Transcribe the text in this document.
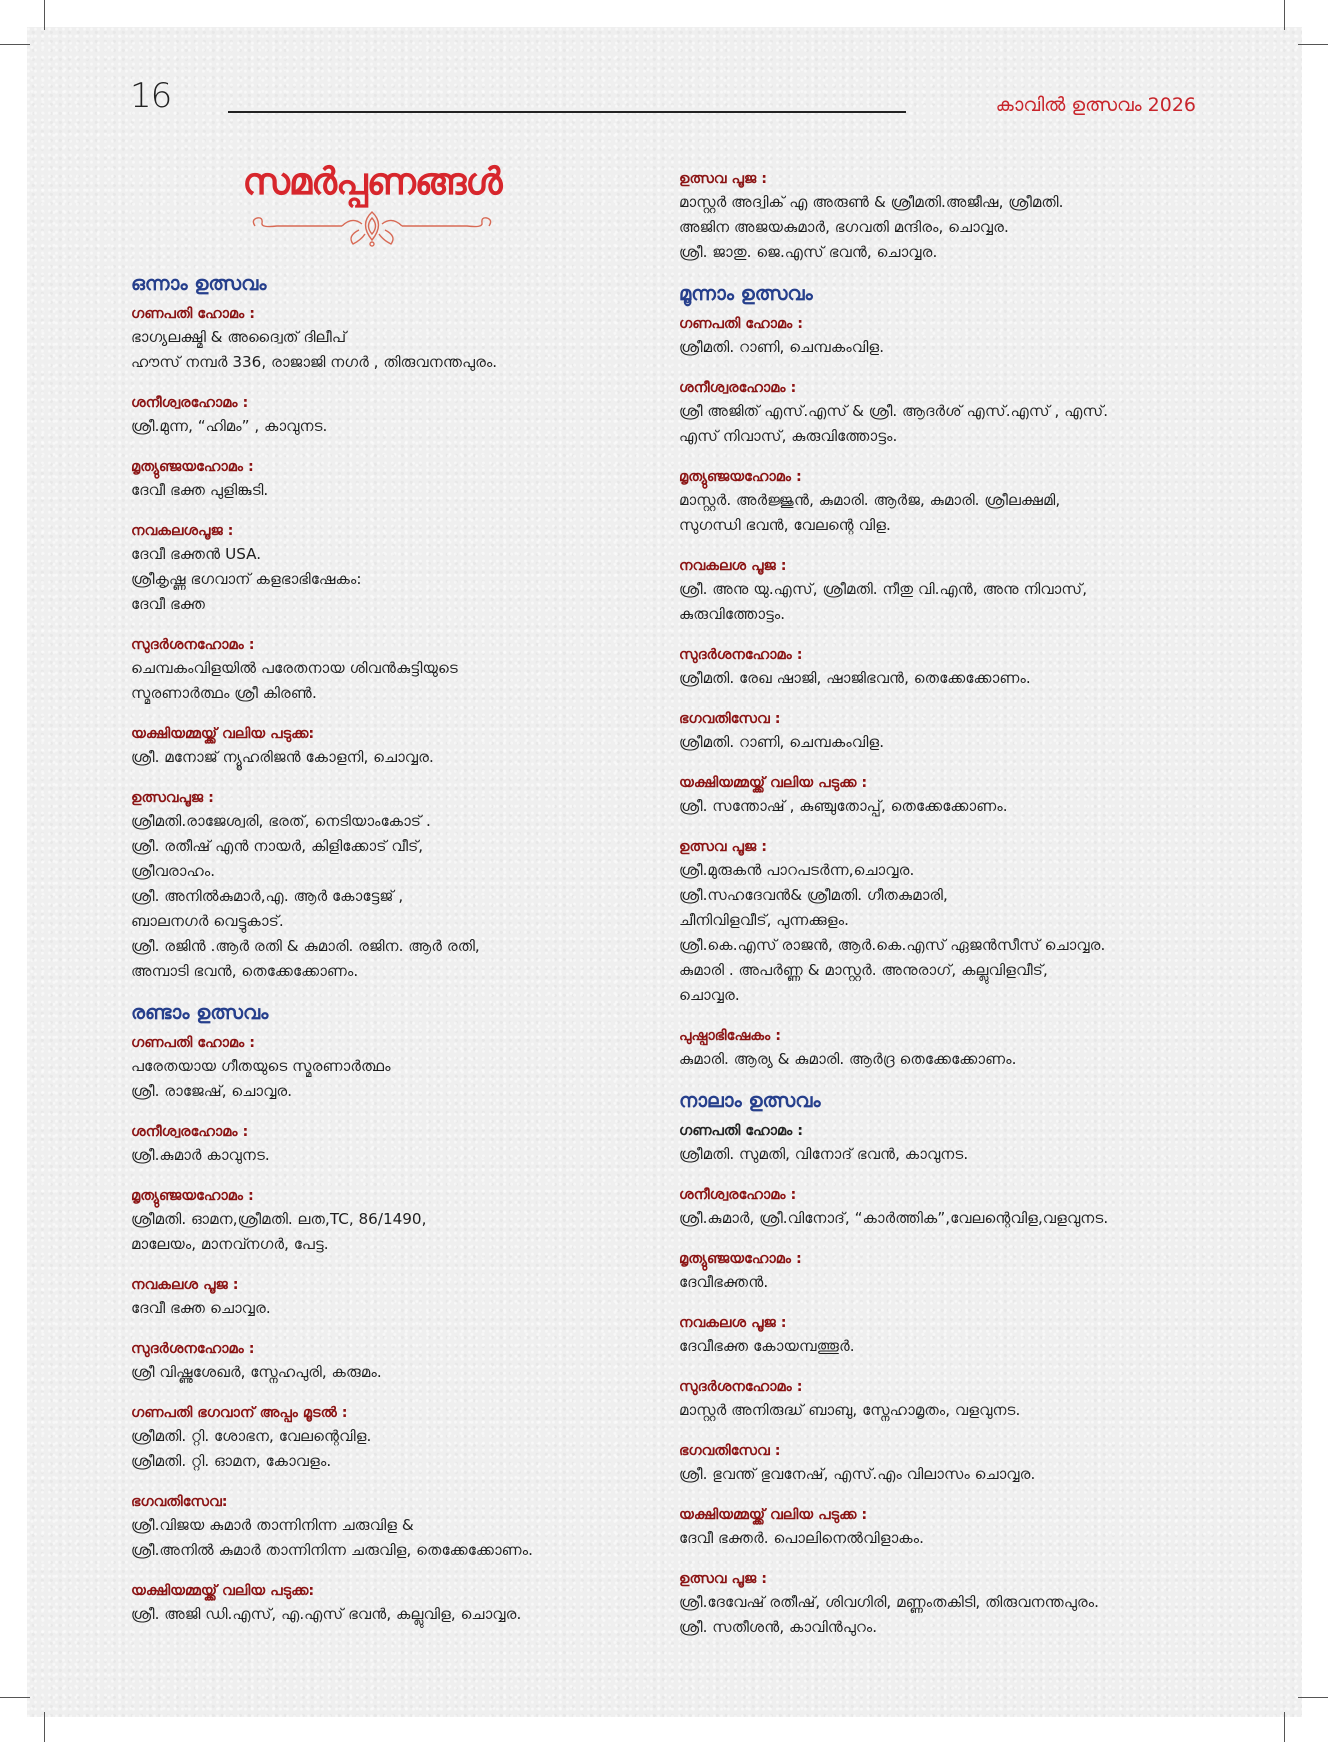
16	കാവിൽ ഉത്സവം 2026
സമർപ്പണങ്ങൾ
ഒന്നാം ഉത്സവം
ഗണപതി ഹോമം :
ഭാഗ്യലക്ഷ്മി & അദ്വൈത് ദിലീപ്
ഹൗസ് നമ്പർ 336, രാജാജി നഗർ , തിരുവനന്തപുരം.
ശനീശ്വരഹോമം :
ശ്രീ.മുന്ന, “ഹിമം” , കാവുനട.
മൃത്യുഞ്ജയഹോമം :
ദേവീ ഭക്ത പുളിങ്കുടി.
നവകലശപൂജ :
ദേവീ ഭക്തൻ USA.
ശ്രീകൃഷ്ണ ഭഗവാന് കളഭാഭിഷേകം:
ദേവീ ഭക്ത
സുദർശനഹോമം :
ചെമ്പകംവിളയിൽ പരേതനായ ശിവൻകുട്ടിയുടെ
സ്മരണാർത്ഥം ശ്രീ കിരൺ.
യക്ഷിയമ്മയ്ക്ക് വലിയ പടുക്ക:
ശ്രീ. മനോജ് ന്യൂഹരിജൻ കോളനി, ചൊവ്വര.
ഉത്സവപൂജ :
ശ്രീമതി.രാജേശ്വരി, ഭരത്, നെടിയാംകോട് .
ശ്രീ. രതീഷ് എൻ നായർ, കിളിക്കോട് വീട്,
ശ്രീവരാഹം.
ശ്രീ. അനിൽകുമാർ,എ. ആർ കോട്ടേജ് ,
ബാലനഗർ വെട്ടുകാട്.
ശ്രീ. രജിൻ .ആർ രതി & കുമാരി. രജിന. ആർ രതി,
അമ്പാടി ഭവൻ, തെക്കേക്കോണം.
രണ്ടാം ഉത്സവം
ഗണപതി ഹോമം :
പരേതയായ ഗീതയുടെ സ്മരണാർത്ഥം
ശ്രീ. രാജേഷ്, ചൊവ്വര.
ശനീശ്വരഹോമം :
ശ്രീ.കുമാർ കാവുനട.
മൃത്യുഞ്ജയഹോമം :
ശ്രീമതി. ഓമന,ശ്രീമതി. ലത,TC, 86/1490,
മാലേയം, മാനവ്നഗർ, പേട്ട.
നവകലശ പൂജ :
ദേവീ ഭക്ത ചൊവ്വര.
സുദർശനഹോമം :
ശ്രീ വിഷ്ണുശേഖർ, സ്നേഹപുരി, കരുമം.
ഗണപതി ഭഗവാന് അപ്പം മൂടൽ :
ശ്രീമതി. റ്റി. ശോഭന, വേലന്റെവിള.
ശ്രീമതി. റ്റി. ഓമന, കോവളം.
ഭഗവതിസേവ:
ശ്രീ.വിജയ കുമാർ താന്നിനിന്ന ചരുവിള &
ശ്രീ.അനിൽ കുമാർ താന്നിനിന്ന ചരുവിള, തെക്കേക്കോണം.
യക്ഷിയമ്മയ്ക്ക് വലിയ പടുക്ക:
ശ്രീ. അജി ഡി.എസ്, എ.എസ് ഭവൻ, കല്ലുവിള, ചൊവ്വര.
ഉത്സവ പൂജ :
മാസ്റ്റർ അദ്വിക് എ അരുൺ & ശ്രീമതി.അജീഷ, ശ്രീമതി.
അജിന അജയകുമാർ, ഭഗവതി മന്ദിരം, ചൊവ്വര.
ശ്രീ. ജാതു. ജെ.എസ് ഭവൻ, ചൊവ്വര.
മൂന്നാം ഉത്സവം
ഗണപതി ഹോമം :
ശ്രീമതി. റാണി, ചെമ്പകംവിള.
ശനീശ്വരഹോമം :
ശ്രീ അജിത് എസ്.എസ് & ശ്രീ. ആദർശ് എസ്.എസ് , എസ്.
എസ് നിവാസ്, കുരുവിത്തോട്ടം.
മൃത്യുഞ്ജയഹോമം :
മാസ്റ്റർ. അർജ്ജുൻ, കുമാരി. ആർജ, കുമാരി. ശ്രീലക്ഷമി,
സുഗന്ധി ഭവൻ, വേലന്റെ വിള.
നവകലശ പൂജ :
ശ്രീ. അനു യു.എസ്, ശ്രീമതി. നീതു വി.എൻ, അനു നിവാസ്,
കുരുവിത്തോട്ടം.
സുദർശനഹോമം :
ശ്രീമതി. രേഖ ഷാജി, ഷാജിഭവൻ, തെക്കേക്കോണം.
ഭഗവതിസേവ :
ശ്രീമതി. റാണി, ചെമ്പകംവിള.
യക്ഷിയമ്മയ്ക്ക് വലിയ പടുക്ക :
ശ്രീ. സന്തോഷ് , കുഞ്ചുതോപ്പ്, തെക്കേക്കോണം.
ഉത്സവ പൂജ :
ശ്രീ.മുരുകൻ പാറപടർന്ന,ചൊവ്വര.
ശ്രീ.സഹദേവൻ& ശ്രീമതി. ഗീതകുമാരി,
ചീനിവിളവീട്, പുന്നക്കുളം.
ശ്രീ.കെ.എസ് രാജൻ, ആർ.കെ.എസ് ഏജൻസീസ് ചൊവ്വര.
കുമാരി . അപർണ്ണ & മാസ്റ്റർ. അനുരാഗ്, കല്ലുവിളവീട്,
ചൊവ്വര.
പുഷ്പാഭിഷേകം :
കുമാരി. ആര്യ & കുമാരി. ആർദ്ര തെക്കേക്കോണം.
നാലാം ഉത്സവം
ഗണപതി ഹോമം :
ശ്രീമതി. സുമതി, വിനോദ് ഭവൻ, കാവുനട.
ശനീശ്വരഹോമം :
ശ്രീ.കുമാർ, ശ്രീ.വിനോദ്, “കാർത്തിക”,വേലന്റെവിള,വളവുനട.
മൃത്യുഞ്ജയഹോമം :
ദേവീഭക്തൻ.
നവകലശ പൂജ :
ദേവീഭക്ത കോയമ്പത്തൂർ.
സുദർശനഹോമം :
മാസ്റ്റർ അനിരുദ്ധ് ബാബു, സ്നേഹാമൃതം, വളവുനട.
ഭഗവതിസേവ :
ശ്രീ. ഭുവന്ത് ഭുവനേഷ്, എസ്.എം വിലാസം ചൊവ്വര.
യക്ഷിയമ്മയ്ക്ക് വലിയ പടുക്ക :
ദേവീ ഭക്തർ. പൊലിനെൽവിളാകം.
ഉത്സവ പൂജ :
ശ്രീ.ദേവേഷ് രതീഷ്, ശിവഗിരി, മണ്ണംതകിടി, തിരുവനന്തപുരം.
ശ്രീ. സതീശൻ, കാവിൻപുറം.
